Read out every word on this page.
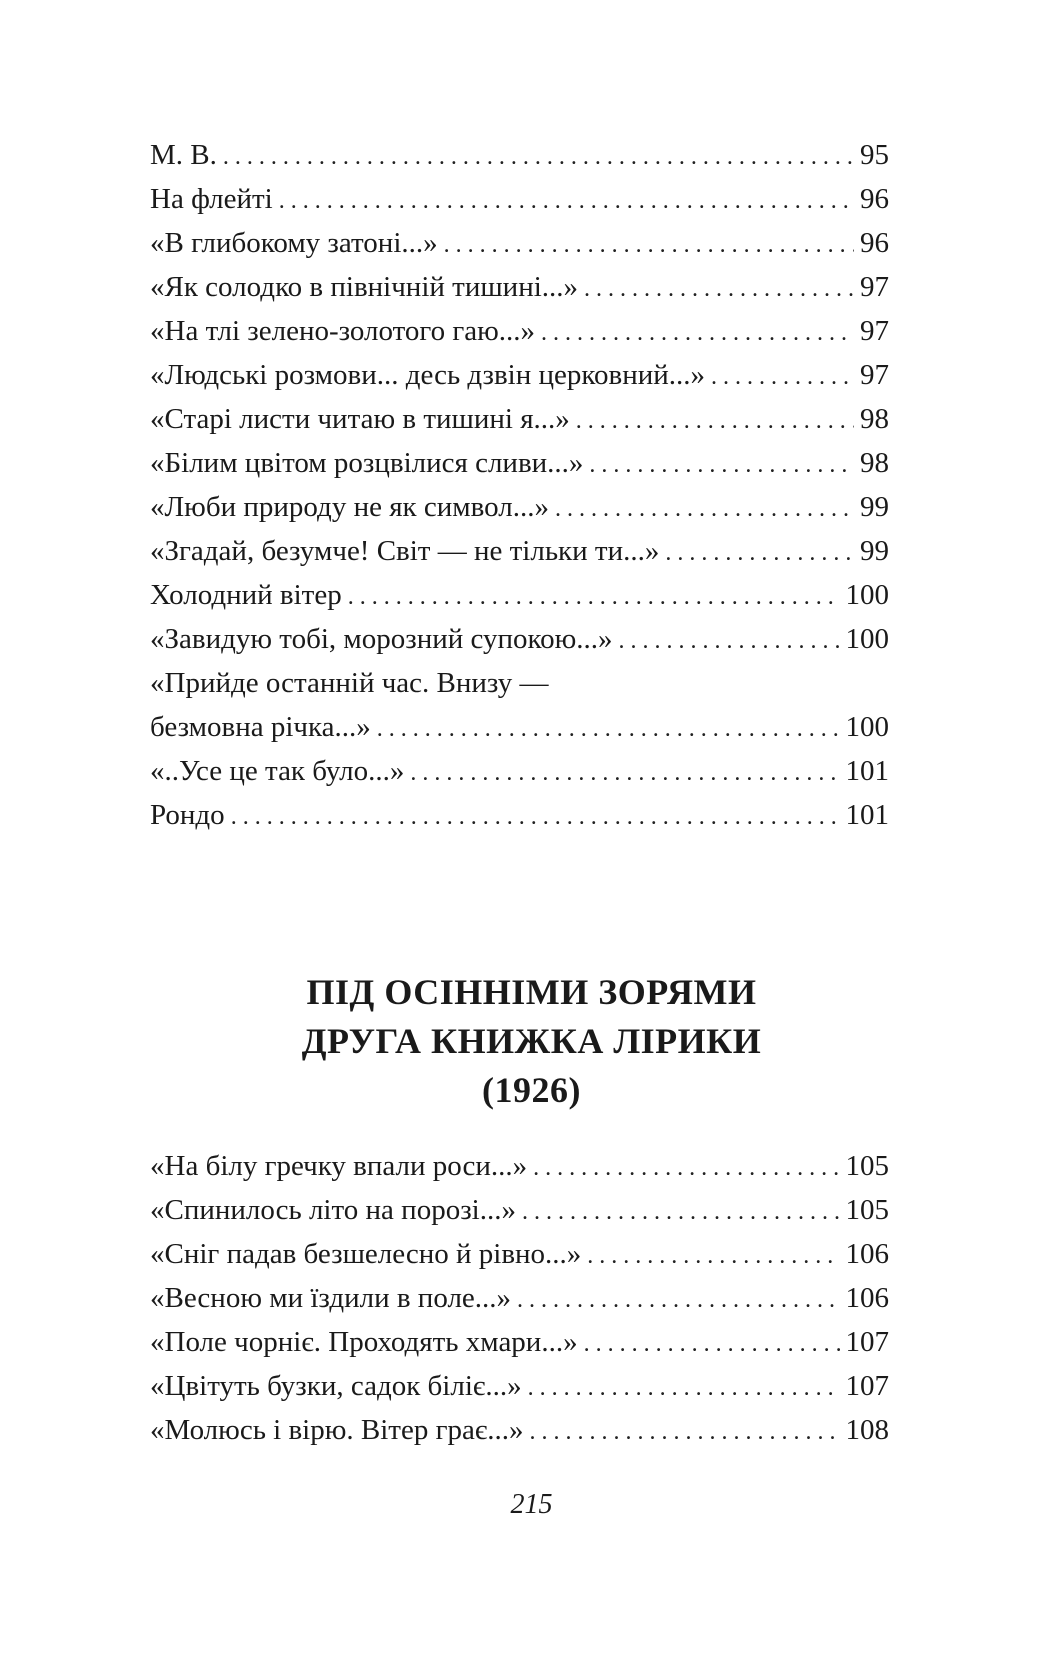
М. В. . . .	95
На флейті . . .	96
«В глибокому затоні...» . . .	96
«Як солодко в північній тишині...» . . .	97
«На тлі зелено-золотого гаю...» . . .	97
«Людські розмови... десь дзвін церковний...» . . .	97
«Старі листи читаю в тишині я...» . . .	98
«Білим цвітом розцвілися сливи...» . . .	98
«Люби природу не як символ...» . . .	99
«Згадай, безумче! Світ — не тільки ти...» . . .	99
Холодний вітер . . .	100
«Завидую тобі, морозний супокою...» . . .	100
«Прийде останній час. Внизу —
безмовна річка...» . . .	100
«..Усе це так було...» . . .	101
Рондо . . .	101
ПІД ОСІННІМИ ЗОРЯМИ
ДРУГА КНИЖКА ЛІРИКИ
(1926)
«На білу гречку впали роси...» . . .	105
«Спинилось літо на порозі...» . . .	105
«Сніг падав безшелесно й рівно...» . . .	106
«Весною ми їздили в поле...» . . .	106
«Поле чорніє. Проходять хмари...» . . .	107
«Цвітуть бузки, садок біліє...» . . .	107
«Молюсь і вірю. Вітер грає...» . . .	108
215
